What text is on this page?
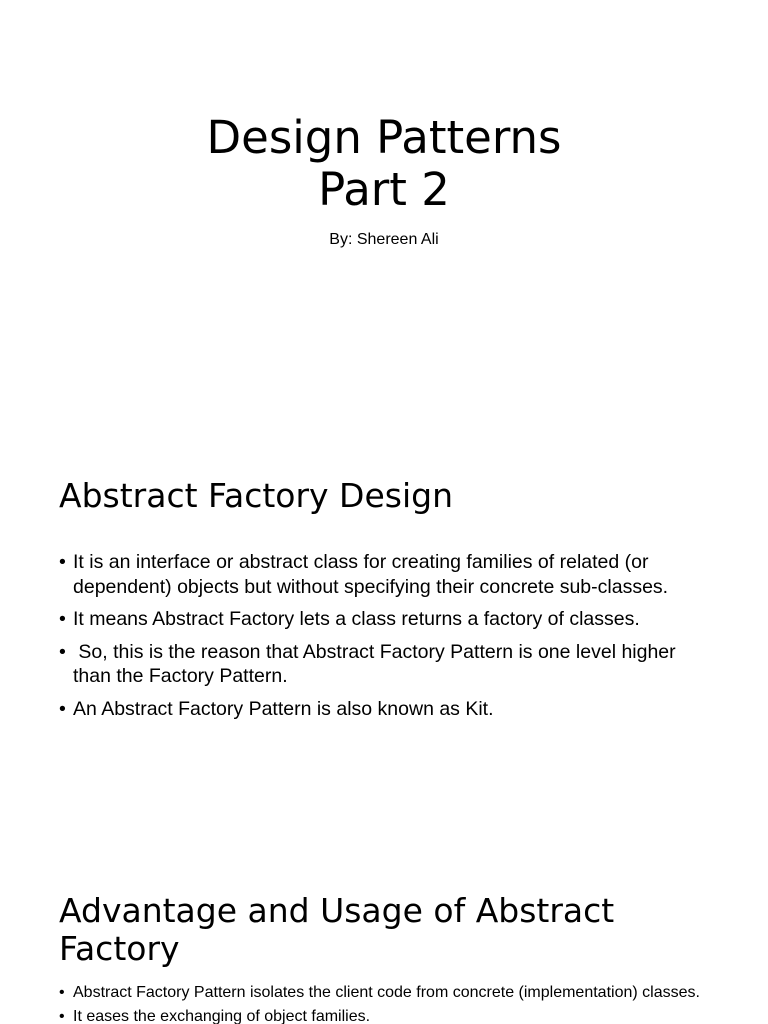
Design Patterns
Part 2
By: Shereen Ali
Abstract Factory Design
• It is an interface or abstract class for creating families of related (or dependent) objects but without specifying their concrete sub-classes.
• It means Abstract Factory lets a class returns a factory of classes.
• So, this is the reason that Abstract Factory Pattern is one level higher than the Factory Pattern.
• An Abstract Factory Pattern is also known as Kit.
Advantage and Usage of Abstract Factory
• Abstract Factory Pattern isolates the client code from concrete (implementation) classes.
• It eases the exchanging of object families.
